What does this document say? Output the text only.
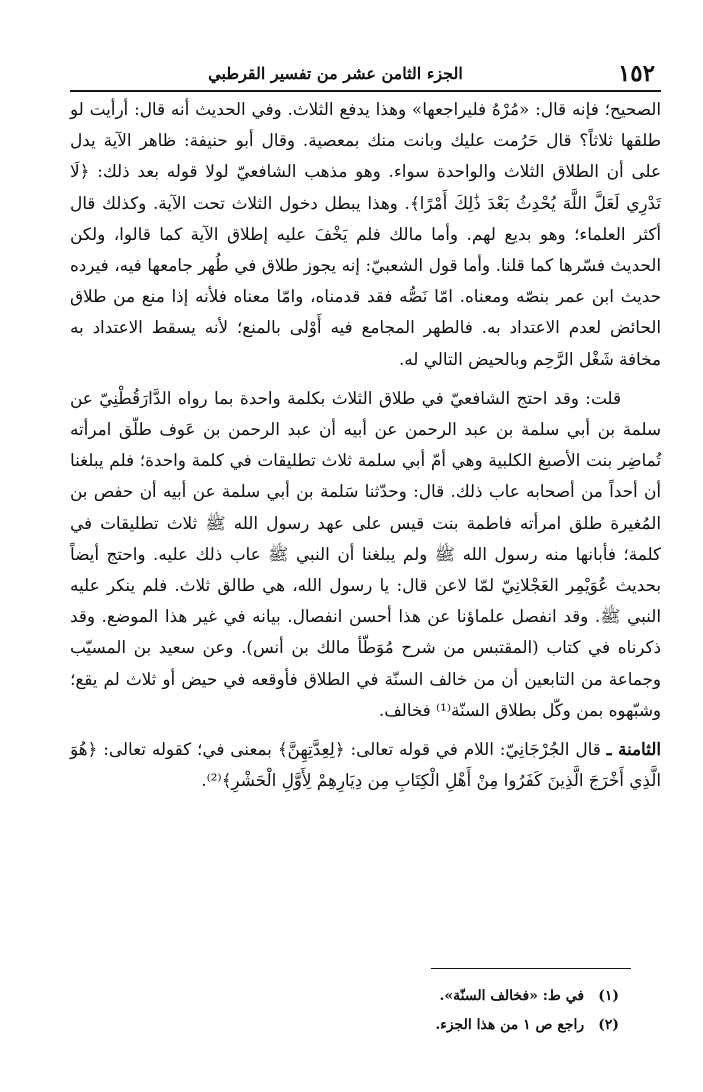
١٥٢
الجزء الثامن عشر من تفسير القرطبي

الصحيح؛ فإنه قال: «مُرْهُ فليراجعها» وهذا يدفع الثلاث. وفي الحديث أنه قال: أرأيت لو طلقها ثلاثاً؟ قال حَرُمت عليك وبانت منك بمعصية. وقال أبو حنيفة: ظاهر الآية يدل على أن الطلاق الثلاث والواحدة سواء. وهو مذهب الشافعيّ لولا قوله بعد ذلك: ﴿لَا تَدْرِي لَعَلَّ اللَّهَ يُحْدِثُ بَعْدَ ذَٰلِكَ أَمْرًا﴾. وهذا يبطل دخول الثلاث تحت الآية. وكذلك قال أكثر العلماء؛ وهو بديع لهم. وأما مالك فلم يَخْفَ عليه إطلاق الآية كما قالوا، ولكن الحديث فسّرها كما قلنا. وأما قول الشعبيّ: إنه يجوز طلاق في طُهر جامعها فيه، فيرده حديث ابن عمر بنصّه ومعناه. امّا نَصُّه فقد قدمناه، وامّا معناه فلأنه إذا منع من طلاق الحائض لعدم الاعتداد به. فالطهر المجامع فيه أَوْلى بالمنع؛ لأنه يسقط الاعتداد به مخافة شَغْل الرَّحِم وبالحيض التالي له.

قلت: وقد احتج الشافعيّ في طلاق الثلاث بكلمة واحدة بما رواه الدَّارَقُطْنِيّ عن سلمة بن أبي سلمة بن عبد الرحمن عن أبيه أن عبد الرحمن بن عَوف طلّق امرأته تُماضِر بنت الأصبغ الكلبية وهي أمّ أبي سلمة ثلاث تطليقات في كلمة واحدة؛ فلم يبلغنا أن أحداً من أصحابه عاب ذلك. قال: وحدّثنا سَلمة بن أبي سلمة عن أبيه أن حفص بن المُغيرة طلق امرأته فاطمة بنت قيس على عهد رسول الله ﷺ ثلاث تطليقات في كلمة؛ فأبانها منه رسول الله ﷺ ولم يبلغنا أن النبي ﷺ عاب ذلك عليه. واحتج أيضاً بحديث عُوَيْمِر العَجْلانِيّ لمّا لاعن قال: يا رسول الله، هي طالق ثلاث. فلم ينكر عليه النبي ﷺ. وقد انفصل علماؤنا عن هذا أحسن انفصال. بيانه في غير هذا الموضع. وقد ذكرناه في كتاب (المقتبس من شرح مُوَطّأ مالك بن أنس). وعن سعيد بن المسيّب وجماعة من التابعين أن من خالف السنّة في الطلاق فأوقعه في حيض أو ثلاث لم يقع؛ وشبّهوه بمن وكّل بطلاق السنّة⁽¹⁾ فخالف.

الثامنة ـ قال الجُرْجَانِيّ: اللام في قوله تعالى: ﴿لِعِدَّتِهِنَّ﴾ بمعنى في؛ كقوله تعالى: ﴿هُوَ الَّذِي أَخْرَجَ الَّذِينَ كَفَرُوا مِنْ أَهْلِ الْكِتَابِ مِن دِيَارِهِمْ لِأَوَّلِ الْحَشْرِ﴾⁽²⁾.

(١) في ط: «فخالف السنّة».

(٢) راجع ص ١ من هذا الجزء.
